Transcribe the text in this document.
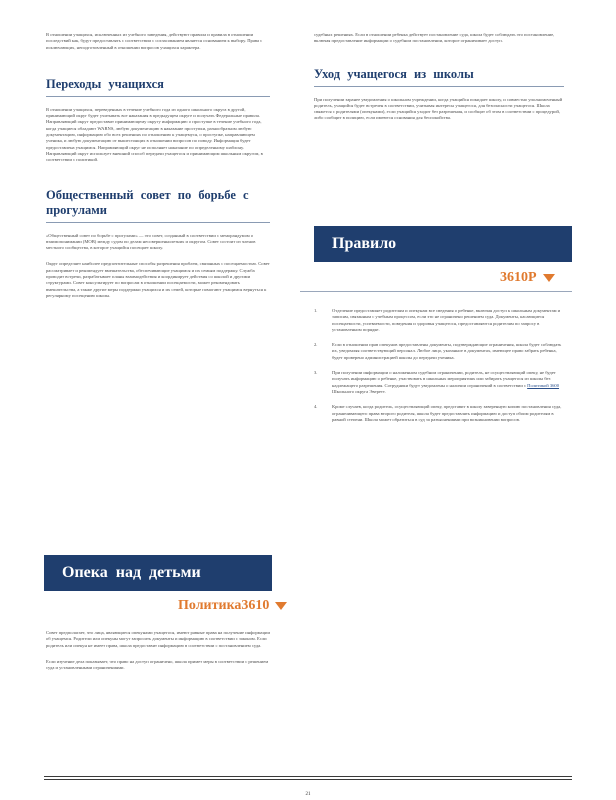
В отношении учащихся, исключенных из учебного заведения, действуют правила и правила в отношении последствий как, будут предоставлять с соответствии с согласованием является основанием к выбору. Права с исключающих, неподготовленный в отношении вопросов учащихся характера.

Переходы учащихся

В отношении учащихся, переведенных в течение учебного года из одного школьного округа в другой, принимающий округ будет учитывать все наказания в предыдущем округе и получать Федеральные правила. Направляющий округ предоставит принимающему округу информацию о проступке в течение учебного года, когда учащиеся обладают WARNS, любую документацию в наказание проступки, разнообразном любую документацию, информацию обо всех решениях по отношению к учащемуся, о проступке, направляющем ученика, и любую документацию от вышестоящих в отношении вопросов по поводу. Информация будет предоставлена учащимся. Направляющий округ не исполняет наказание по определенному шаблону. Направляющий округ использует внешний способ передачи учащегося и принимающим школьным округом, в соответствии с политикой.

Общественный совет по борьбе с прогулами

«Общественный совет по борьбе с прогулами» — это совет, созданный в соответствии с меморандумом о взаимопонимании (МОВ) между судом по делам несовершеннолетних и округом. Совет состоит из членов местного сообщества, в которое учащийся посещает школу.

Округ определяет наиболее предпочтительные способы разрешения проблем, связанных с посещаемостью. Совет рассматривает и рекомендует вмешательства, обеспечивающие учащимся и их семьям поддержку. Служба проводит встречи, разрабатывает планы взаимодействия и координирует действия со школой и другими структурами. Совет консультирует по вопросам в отношении посещаемости, может рекомендовать вмешательства, а также другие меры поддержки учащихся и их семей, которые помогают учащимся вернуться к регулярному посещению школы.

Опека над детьми
Политика3610

Совет предполагает, что лица, являющиеся опекунами учащегося, имеют равные права на получение информации об учащемся. Родители или опекуны могут запросить документы и информацию в соответствии с законом. Если родитель или опекун не имеет права, школа предоставит информацию в соответствии с постановлением суда.

Если изучение дела показывает, что право на доступ ограничено, школа примет меры в соответствии с решением суда и установленными ограничениями.

судебных решениях. Если в отношении ребенка действует постановление суда, школа будет соблюдать это постановление, включая предоставление информации о судебном постановлении, которое ограничивает доступ.

Уход учащегося из школы

При получении заранее уведомления о школьном учреждении, когда учащийся покидает школу, и совместно уполномоченный родитель, учащийся будет встречен в соответствии, учитывая интересы учащегося, для безопасности учащегося. Школа свяжется с родителями (опекунами), если учащийся уходит без разрешения, и сообщит об этом в соответствии с процедурой, либо сообщит в полицию, если имеются основания для беспокойства.

Правило
3610Р
1.	Отделение предоставляет родителям и опекунам все сведения о ребенке, включая доступ к школьным документам и записям, связанным с учебным процессом, если это не ограничено решением суда. Документы, касающиеся посещаемости, успеваемости, поведения и здоровья учащегося, предоставляются родителям по запросу в установленном порядке.

2.	Если в отношении прав опекунов предоставлены документы, подтверждающие ограничения, школа будет соблюдать их, уведомляя соответствующий персонал. Любое лицо, указанное в документах, имеющее право забрать ребенка, будет проверено администрацией школы до передачи ученика.

3.	При получении информации о наложенном судебном ограничении, родитель, не осуществляющий опеку, не будет получать информацию о ребенке, участвовать в школьных мероприятиях или забирать учащегося из школы без надлежащего разрешения. Сотрудники будут уведомлены о наличии ограничений в соответствии с Политикой 3600 Школьного округа Эверетт.

4.	Кроме случаев, когда родитель, осуществляющий опеку, представит в школу заверенную копию постановления суда, ограничивающего права второго родителя, школа будет предоставлять информацию и доступ обоим родителям в равной степени. Школа может обратиться в суд за разъяснениями при возникновении вопросов.

21
